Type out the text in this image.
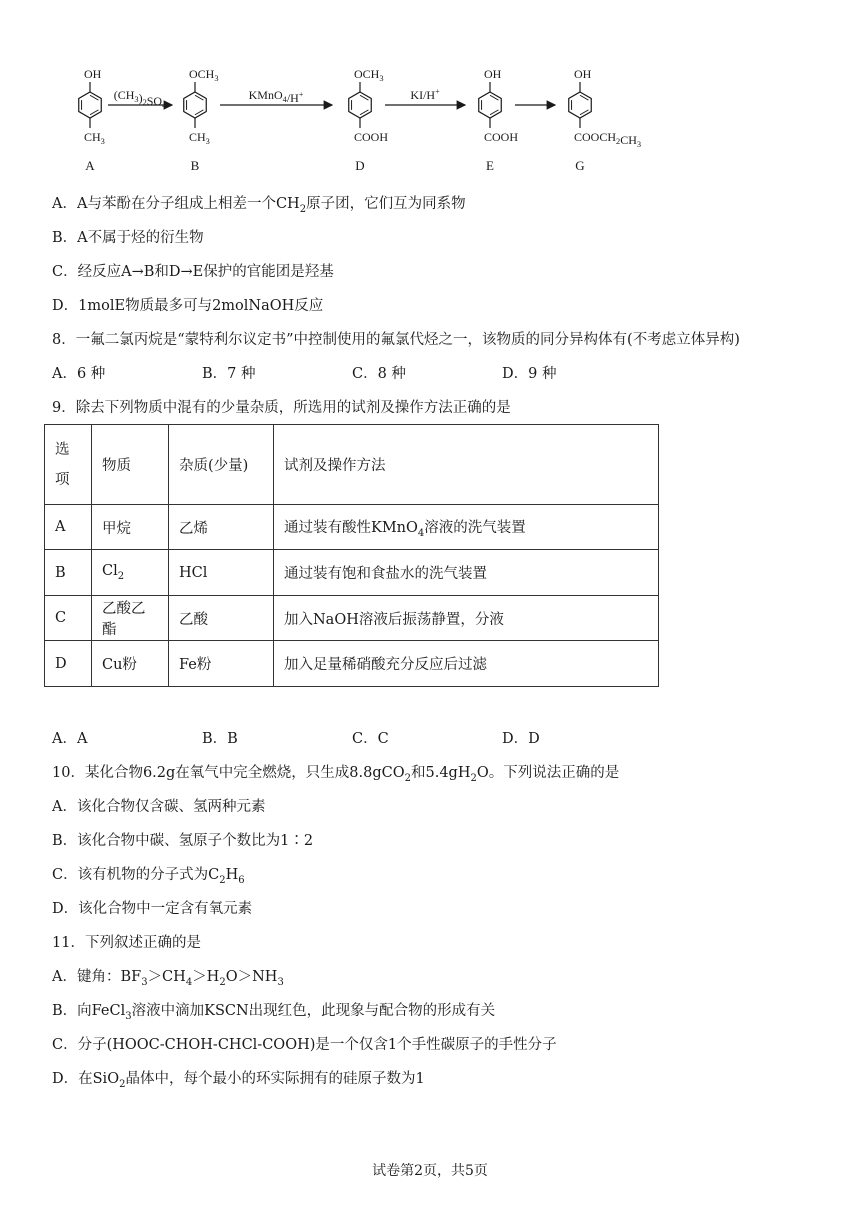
OH
$CH_3$
A
$OCH_3$
$CH_3$
B
$OCH_3$
COOH
D
OH
COOH
E
OH
$COOCH_2CH_3$
G
$(CH_3)_2SO_4$
KMnO$_4$/H+	KI/H+
A．A与苯酚在分子组成上相差一个$CH_2$原子团，它们互为同系物
B．A不属于烃的衍生物
C．经反应A→B和D→E保护的官能团是羟基
D．1molE物质最多可与2molNaOH反应
8．一氟二氯丙烷是“蒙特利尔议定书”中控制使用的氟氯代烃之一，该物质的同分异构体有(不考虑立体异构)
A．6 种	B．7 种	C．8 种	D．9 种
9．除去下列物质中混有的少量杂质，所选用的试剂及操作方法正确的是
选
项	物质	杂质(少量)	试剂及操作方法
A	甲烷	乙烯	通过装有酸性KMnO$_4$溶液的洗气装置
B	$Cl_2$	HCl	通过装有饱和食盐水的洗气装置
C	乙酸乙酯	乙酸	加入NaOH溶液后振荡静置，分液
D	Cu粉	Fe粉	加入足量稀硝酸充分反应后过滤
A．A	B．B	C．C	D．D
10．某化合物6.2g在氧气中完全燃烧，只生成8.8gCO$_2$和$5.4gH_2O$。下列说法正确的是
A．该化合物仅含碳、氢两种元素
B．该化合物中碳、氢原子个数比为1∶2
C．该有机物的分子式为$C_2H_6$
D．该化合物中一定含有氧元素
11．下列叙述正确的是
A．键角：$BF_3>CH_4>H_2O>NH_3$
B．向FeCl$_3$溶液中滴加KSCN出现红色，此现象与配合物的形成有关
C．分子(HOOC-CHOH-CHCl-COOH)是一个仅含1个手性碳原子的手性分子
D．在SiO$_2$晶体中，每个最小的环实际拥有的硅原子数为1
试卷第2页，共5页
